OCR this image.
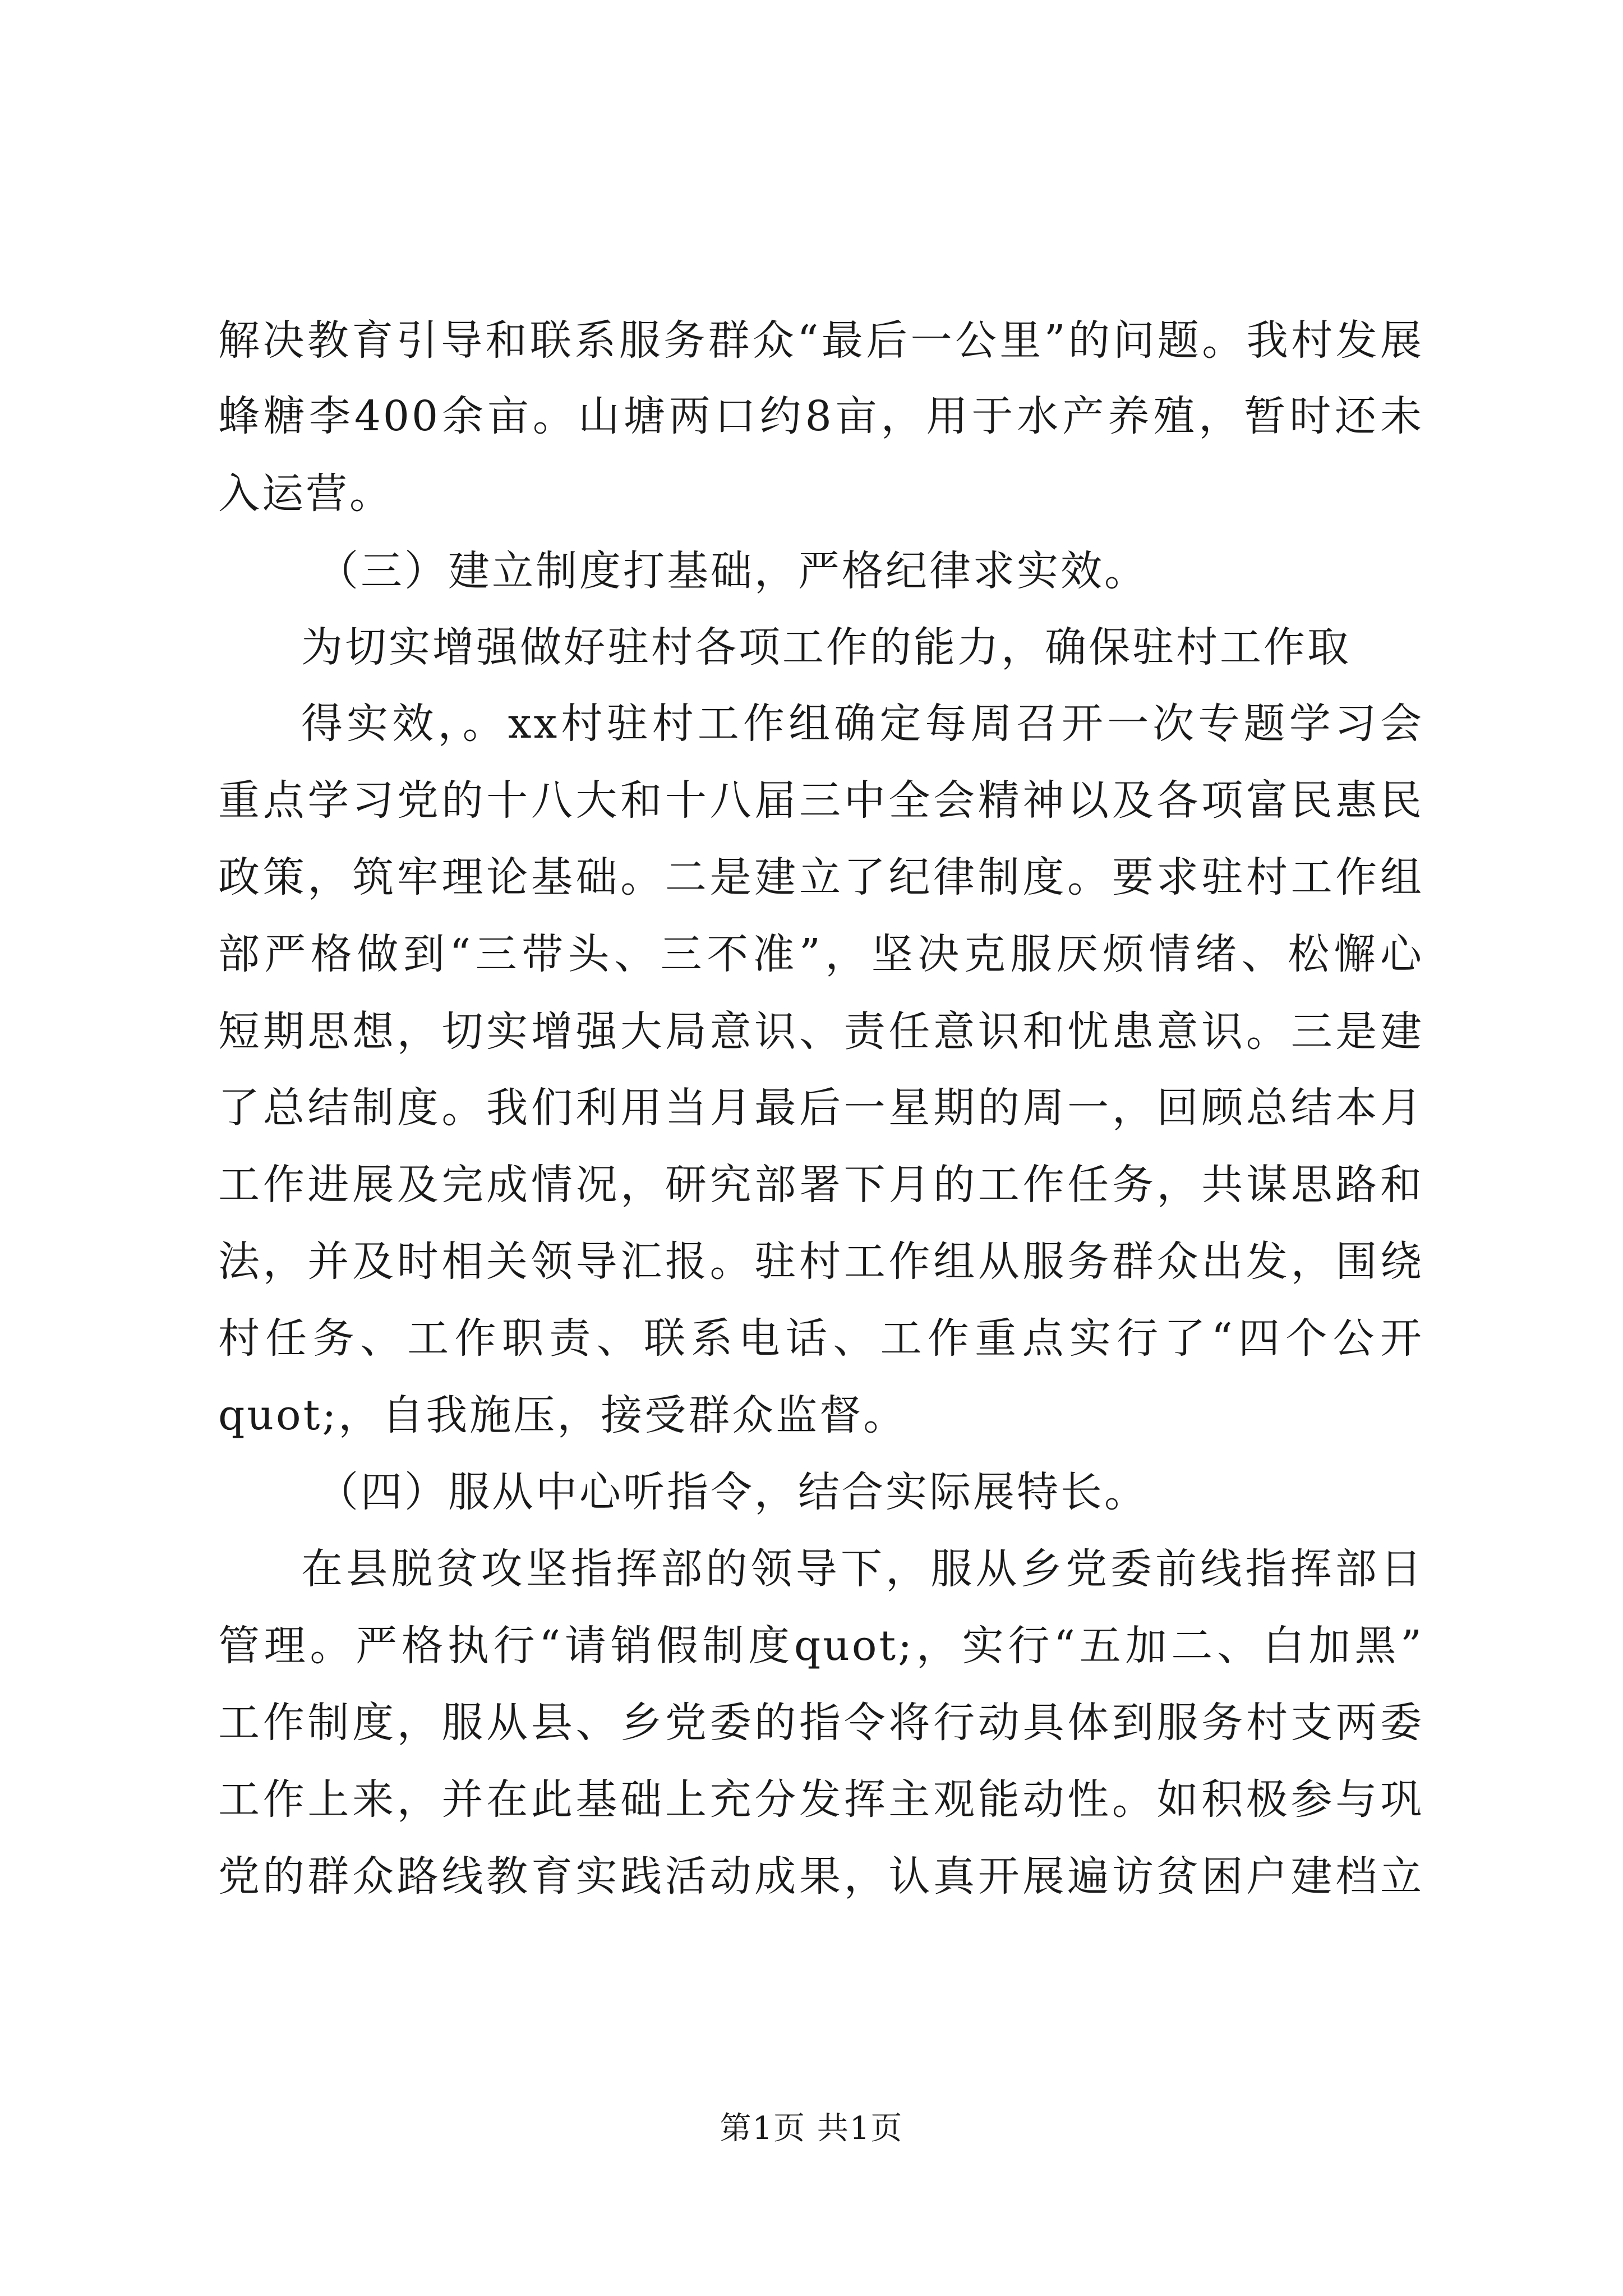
解决教育引导和联系服务群众“最后一公里”的问题。我村发展
蜂糖李400余亩。山塘两口约8亩，用于水产养殖，暂时还未
入运营。
（三）建立制度打基础，严格纪律求实效。
为切实增强做好驻村各项工作的能力，确保驻村工作取
得实效，。xx村驻村工作组确定每周召开一次专题学习会
重点学习党的十八大和十八届三中全会精神以及各项富民惠民
政策，筑牢理论基础。二是建立了纪律制度。要求驻村工作组
部严格做到“三带头、三不准”，坚决克服厌烦情绪、松懈心
短期思想，切实增强大局意识、责任意识和忧患意识。三是建
了总结制度。我们利用当月最后一星期的周一，回顾总结本月
工作进展及完成情况，研究部署下月的工作任务，共谋思路和
法，并及时相关领导汇报。驻村工作组从服务群众出发，围绕
村任务、工作职责、联系电话、工作重点实行了“四个公开
quot;，自我施压，接受群众监督。
（四）服从中心听指令，结合实际展特长。
在县脱贫攻坚指挥部的领导下，服从乡党委前线指挥部日
管理。严格执行“请销假制度quot;，实行“五加二、白加黑”
工作制度，服从县、乡党委的指令将行动具体到服务村支两委
工作上来，并在此基础上充分发挥主观能动性。如积极参与巩
党的群众路线教育实践活动成果，认真开展遍访贫困户建档立
第1页 共1页
